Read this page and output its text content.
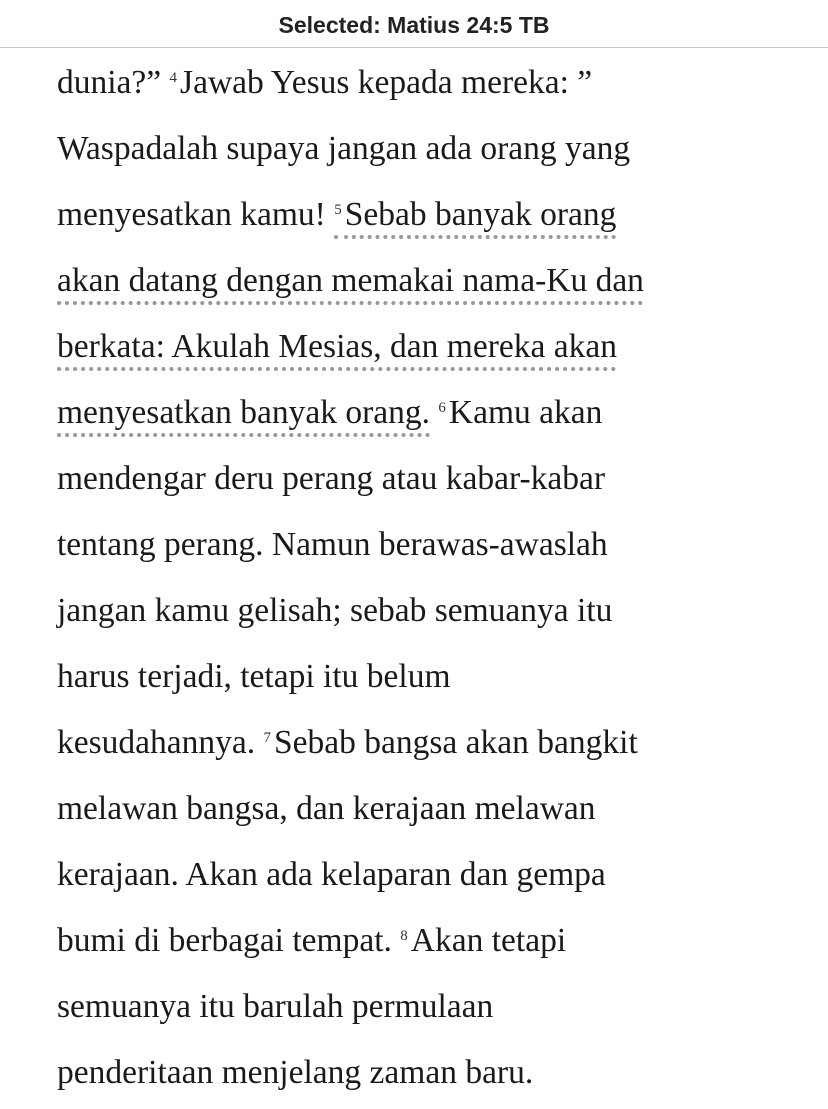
Selected: Matius 24:5 TB
dunia?” $^4$Jawab Yesus kepada mereka: ”
Waspadalah supaya jangan ada orang yang
menyesatkan kamu! $^5$Sebab banyak orang
akan datang dengan memakai nama-Ku dan
berkata: Akulah Mesias, dan mereka akan
menyesatkan banyak orang. $^6$Kamu akan
mendengar deru perang atau kabar-kabar
tentang perang. Namun berawas-awaslah
jangan kamu gelisah; sebab semuanya itu
harus terjadi, tetapi itu belum
kesudahannya. $^7$Sebab bangsa akan bangkit
melawan bangsa, dan kerajaan melawan
kerajaan. Akan ada kelaparan dan gempa
bumi di berbagai tempat. $^8$Akan tetapi
semuanya itu barulah permulaan
penderitaan menjelang zaman baru.
